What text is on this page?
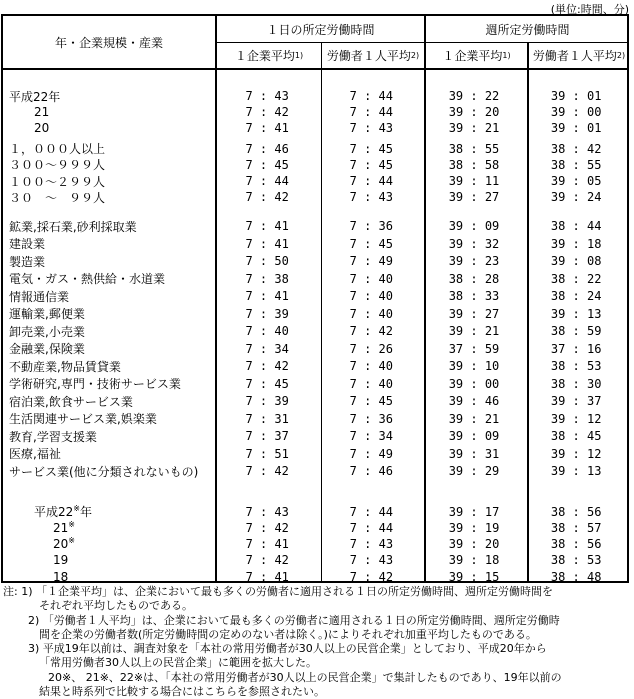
(単位:時間、分)
年・企業規模・産業
１日の所定労働時間	週所定労働時間
１企業平均 1) 労働者１人平均 2) １企業平均 1) 労働者１人平均 2)
平成22年	7 : 43	7 : 44	39 : 22	39 : 01
21	7 : 42	7 : 44	39 : 20	39 : 00
20	7 : 41	7 : 43	39 : 21	39 : 01
１，０００人以上	7 : 46	7 : 45	38 : 55	38 : 42
３００～９９９人	7 : 45	7 : 45	38 : 58	38 : 55
１００～２９９人	7 : 44	7 : 44	39 : 11	39 : 05
３０　～　９９人	7 : 42	7 : 43	39 : 27	39 : 24
鉱業,採石業,砂利採取業	7 : 41	7 : 36	39 : 09	38 : 44
建設業	7 : 41	7 : 45	39 : 32	39 : 18
製造業	7 : 50	7 : 49	39 : 23	39 : 08
電気・ガス・熱供給・水道業	7 : 38	7 : 40	38 : 28	38 : 22
情報通信業	7 : 41	7 : 40	38 : 33	38 : 24
運輸業,郵便業	7 : 39	7 : 40	39 : 27	39 : 13
卸売業,小売業	7 : 40	7 : 42	39 : 21	38 : 59
金融業,保険業	7 : 34	7 : 26	37 : 59	37 : 16
不動産業,物品賃貸業	7 : 42	7 : 40	39 : 10	38 : 53
学術研究,専門・技術サービス業	7 : 45	7 : 40	39 : 00	38 : 30
宿泊業,飲食サービス業	7 : 39	7 : 45	39 : 46	39 : 37
生活関連サービス業,娯楽業	7 : 31	7 : 36	39 : 21	39 : 12
教育,学習支援業	7 : 37	7 : 34	39 : 09	38 : 45
医療,福祉	7 : 51	7 : 49	39 : 31	39 : 12
サービス業(他に分類されないもの)	7 : 42	7 : 46	39 : 29	39 : 13
平成22※年	7 : 43	7 : 44	39 : 17	38 : 56
21※	7 : 42	7 : 44	39 : 19	38 : 57
20※	7 : 41	7 : 43	39 : 20	38 : 56
19	7 : 42	7 : 43	39 : 18	38 : 53
18	7 : 41	7 : 42	39 : 15	38 : 48
注: 1) 「１企業平均」は、企業において最も多くの労働者に適用される１日の所定労働時間、週所定労働時間を
それぞれ平均したものである。
2) 「労働者１人平均」は、企業において最も多くの労働者に適用される１日の所定労働時間、週所定労働時
間を企業の労働者数(所定労働時間の定めのない者は除く。)によりそれぞれ加重平均したものである。
3) 平成19年以前は、調査対象を「本社の常用労働者が30人以上の民営企業」としており、平成20年から
「常用労働者30人以上の民営企業」に範囲を拡大した。
20※、 21※、22※は、「本社の常用労働者が30人以上の民営企業」で集計したものであり、19年以前の
結果と時系列で比較する場合にはこちらを参照されたい。
